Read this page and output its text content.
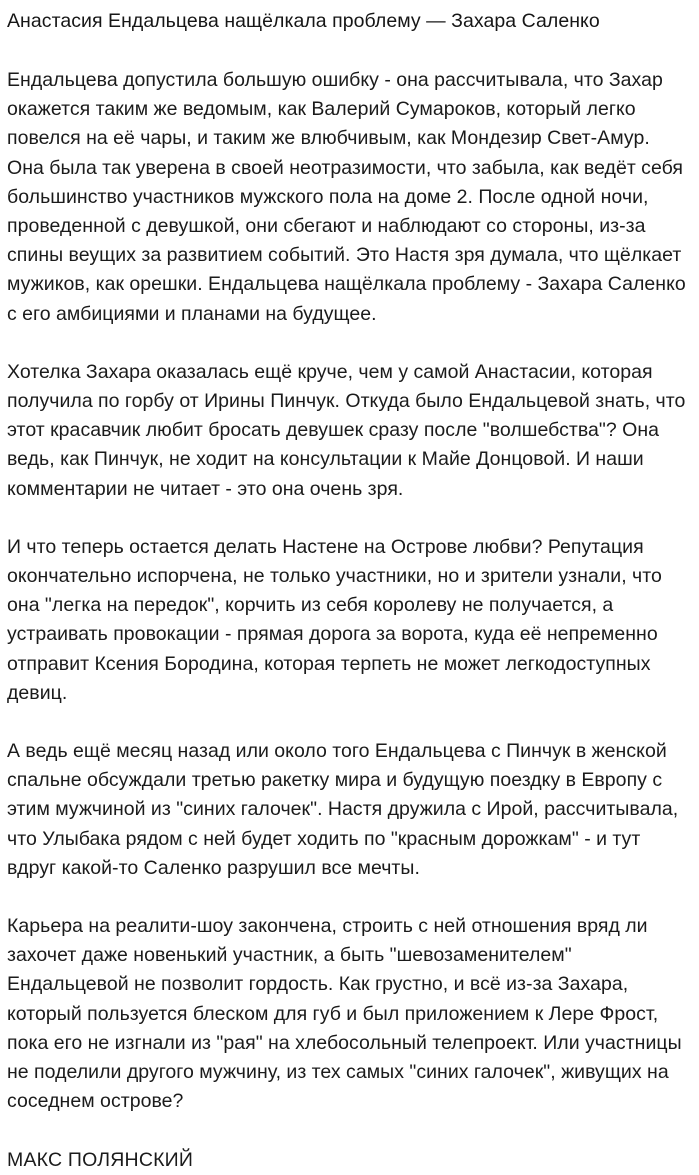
Анастасия Ендальцева нащёлкала проблему — Захара Саленко

Ендальцева допустила большую ошибку - она рассчитывала, что Захар окажется таким же ведомым, как Валерий Сумароков, который легко повелся на её чары, и таким же влюбчивым, как Мондезир Свет-Амур. Она была так уверена в своей неотразимости, что забыла, как ведёт себя большинство участников мужского пола на доме 2. После одной ночи, проведенной с девушкой, они сбегают и наблюдают со стороны, из-за спины веущих за развитием событий. Это Настя зря думала, что щёлкает мужиков, как орешки. Ендальцева нащёлкала проблему - Захара Саленко с его амбициями и планами на будущее.

Хотелка Захара оказалась ещё круче, чем у самой Анастасии, которая получила по горбу от Ирины Пинчук. Откуда было Ендальцевой знать, что этот красавчик любит бросать девушек сразу после "волшебства"? Она ведь, как Пинчук, не ходит на консультации к Майе Донцовой. И наши комментарии не читает - это она очень зря.

И что теперь остается делать Настене на Острове любви? Репутация окончательно испорчена, не только участники, но и зрители узнали, что она "легка на передок", корчить из себя королеву не получается, а устраивать провокации - прямая дорога за ворота, куда её непременно отправит Ксения Бородина, которая терпеть не может легкодоступных девиц.

А ведь ещё месяц назад или около того Ендальцева с Пинчук в женской спальне обсуждали третью ракетку мира и будущую поездку в Европу с этим мужчиной из "синих галочек". Настя дружила с Ирой, рассчитывала, что Улыбака рядом с ней будет ходить по "красным дорожкам" - и тут вдруг какой-то Саленко разрушил все мечты.

Карьера на реалити-шоу закончена, строить с ней отношения вряд ли захочет даже новенький участник, а быть "шевозаменителем" Ендальцевой не позволит гордость. Как грустно, и всё из-за Захара, который пользуется блеском для губ и был приложением к Лере Фрост, пока его не изгнали из "рая" на хлебосольный телепроект. Или участницы не поделили другого мужчину, из тех самых "синих галочек", живущих на соседнем острове?

МАКС ПОЛЯНСКИЙ
